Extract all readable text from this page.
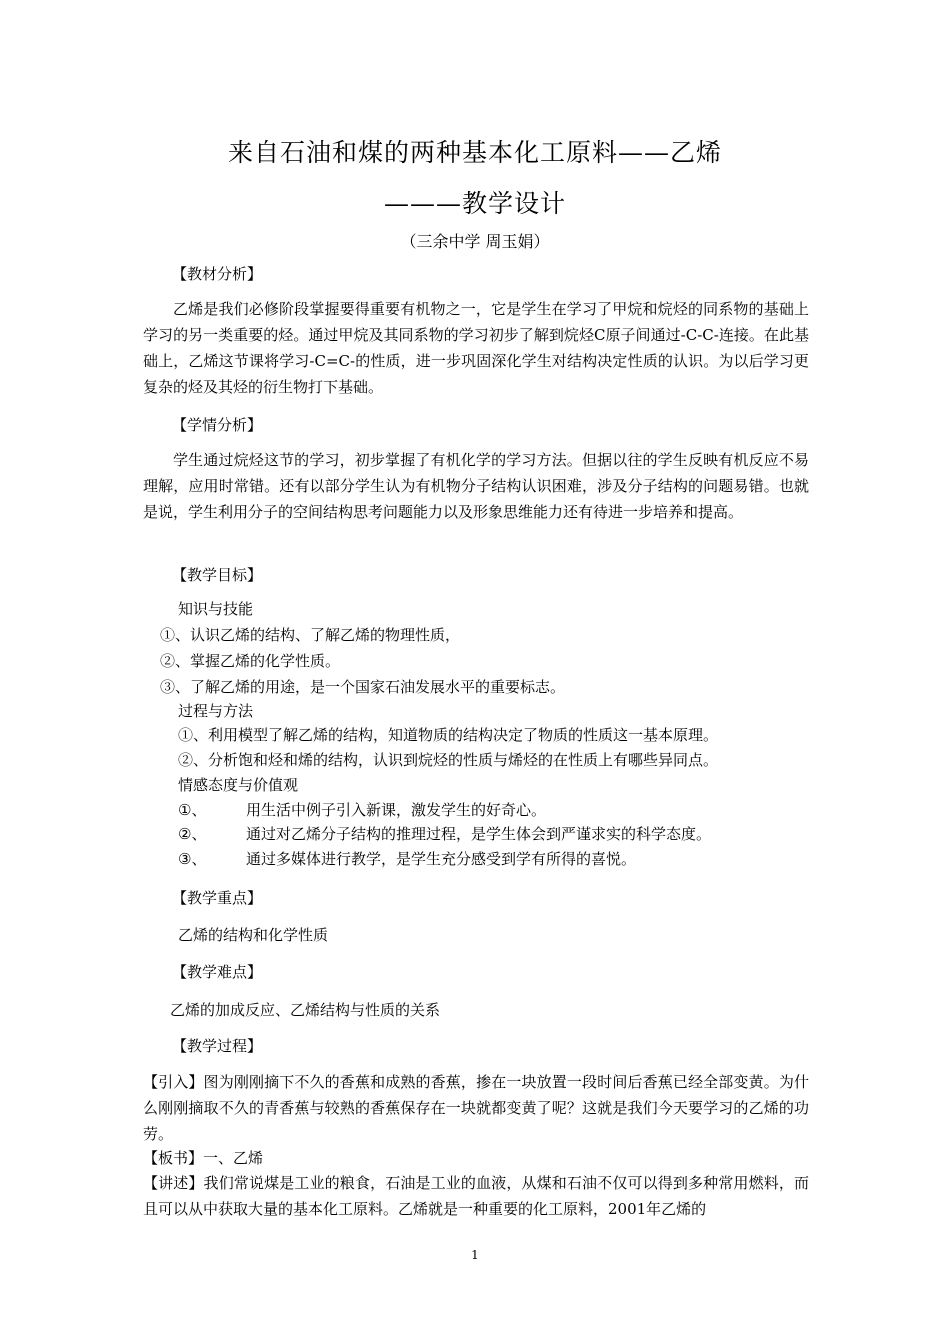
来自石油和煤的两种基本化工原料——乙烯
———教学设计
（三余中学 周玉娟）
【教材分析】
乙烯是我们必修阶段掌握要得重要有机物之一，它是学生在学习了甲烷和烷烃的同系物的基础上学习的另一类重要的烃。通过甲烷及其同系物的学习初步了解到烷烃C原子间通过-C-C-连接。在此基础上，乙烯这节课将学习-C=C-的性质，进一步巩固深化学生对结构决定性质的认识。为以后学习更复杂的烃及其烃的衍生物打下基础。
【学情分析】
学生通过烷烃这节的学习，初步掌握了有机化学的学习方法。但据以往的学生反映有机反应不易理解，应用时常错。还有以部分学生认为有机物分子结构认识困难，涉及分子结构的问题易错。也就是说，学生利用分子的空间结构思考问题能力以及形象思维能力还有待进一步培养和提高。
【教学目标】
知识与技能
①、认识乙烯的结构、了解乙烯的物理性质，
②、掌握乙烯的化学性质。
③、了解乙烯的用途，是一个国家石油发展水平的重要标志。
过程与方法
①、利用模型了解乙烯的结构，知道物质的结构决定了物质的性质这一基本原理。
②、分析饱和烃和烯的结构，认识到烷烃的性质与烯烃的在性质上有哪些异同点。
情感态度与价值观
①、	用生活中例子引入新课，激发学生的好奇心。
②、	通过对乙烯分子结构的推理过程，是学生体会到严谨求实的科学态度。
③、	通过多媒体进行教学，是学生充分感受到学有所得的喜悦。
【教学重点】
乙烯的结构和化学性质
【教学难点】
乙烯的加成反应、乙烯结构与性质的关系
【教学过程】
【引入】图为刚刚摘下不久的香蕉和成熟的香蕉，掺在一块放置一段时间后香蕉已经全部变黄。为什么刚刚摘取不久的青香蕉与较熟的香蕉保存在一块就都变黄了呢？这就是我们今天要学习的乙烯的功劳。
【板书】一、乙烯
【讲述】我们常说煤是工业的粮食，石油是工业的血液，从煤和石油不仅可以得到多种常用燃料，而且可以从中获取大量的基本化工原料。乙烯就是一种重要的化工原料，2001年乙烯的
1
